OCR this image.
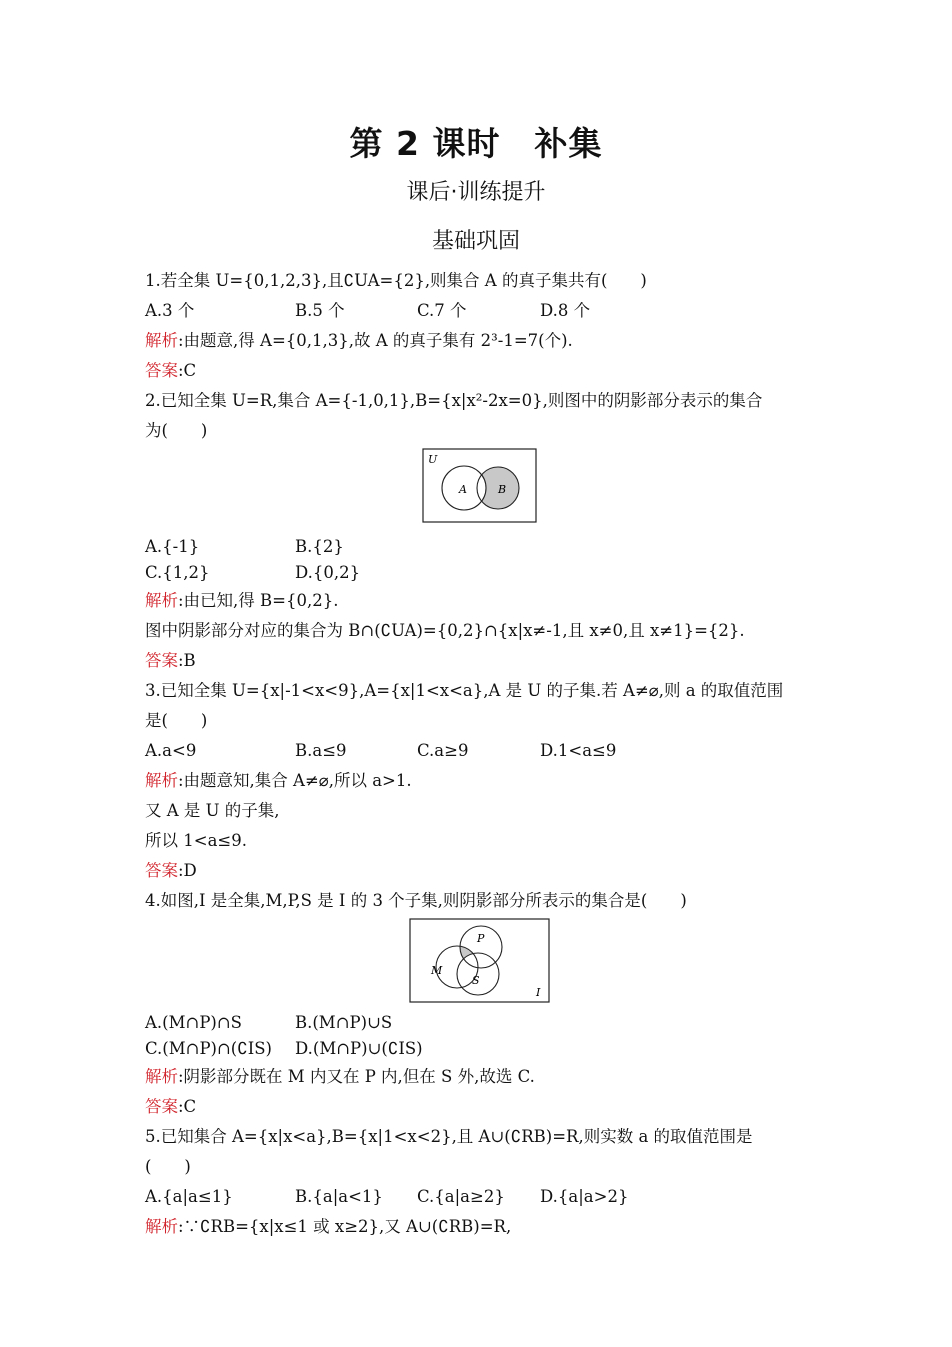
第 2 课时　补集
课后·训练提升
基础巩固
1.若全集 U={0,1,2,3},且∁UA={2},则集合 A 的真子集共有(　　)
A.3 个	B.5 个	C.7 个	D.8 个
解析:由题意,得 A={0,1,3},故 A 的真子集有 2³-1=7(个).
答案:C
2.已知全集 U=R,集合 A={-1,0,1},B={x|x²-2x=0},则图中的阴影部分表示的集合
为(　　)
U
A	B
A.{-1}	B.{2}
C.{1,2}	D.{0,2}
解析:由已知,得 B={0,2}.
图中阴影部分对应的集合为 B∩(∁UA)={0,2}∩{x|x≠-1,且 x≠0,且 x≠1}={2}.
答案:B
3.已知全集 U={x|-1<x<9},A={x|1<x<a},A 是 U 的子集.若 A≠⌀,则 a 的取值范围
是(　　)
A.a<9	B.a≤9	C.a≥9	D.1<a≤9
解析:由题意知,集合 A≠⌀,所以 a>1.
又 A 是 U 的子集,
所以 1<a≤9.
答案:D
4.如图,I 是全集,M,P,S 是 I 的 3 个子集,则阴影部分所表示的集合是(　　)
P
M
S
I
A.(M∩P)∩S	B.(M∩P)∪S
C.(M∩P)∩(∁IS) D.(M∩P)∪(∁IS)
解析:阴影部分既在 M 内又在 P 内,但在 S 外,故选 C.
答案:C
5.已知集合 A={x|x<a},B={x|1<x<2},且 A∪(∁RB)=R,则实数 a 的取值范围是
(　　)
A.{a|a≤1}	B.{a|a<1} C.{a|a≥2} D.{a|a>2}
解析:∵∁RB={x|x≤1 或 x≥2},又 A∪(∁RB)=R,
